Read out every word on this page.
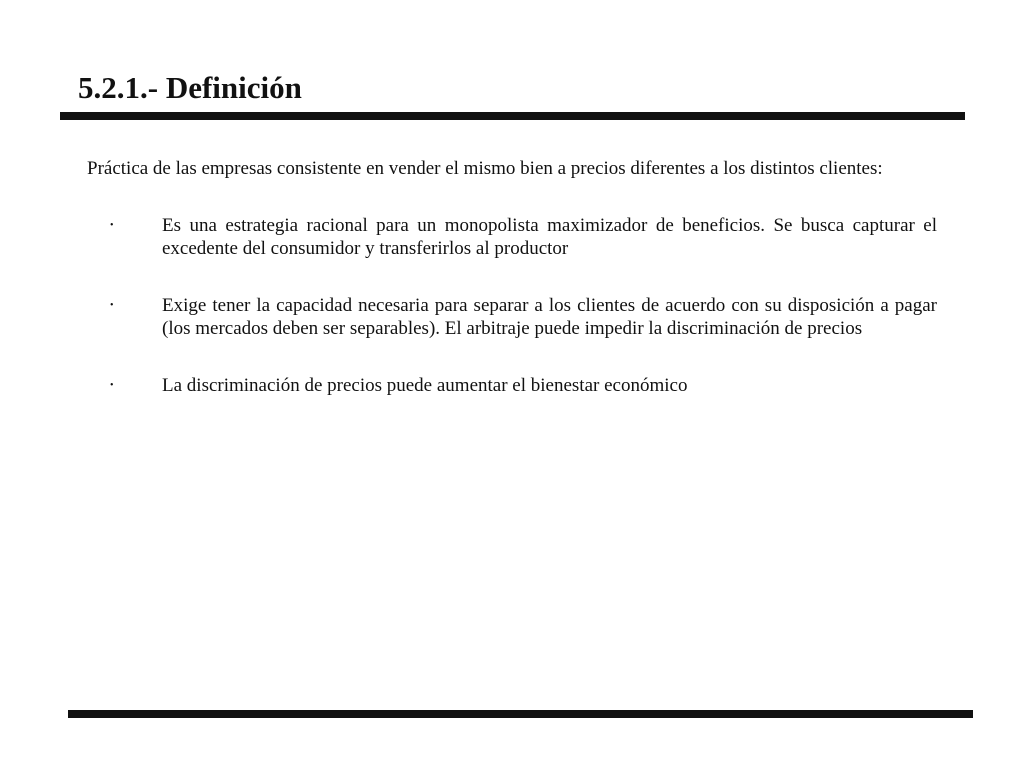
5.2.1.- Definición

Práctica de las empresas consistente en vender el mismo bien a precios diferentes a los distintos clientes:

•	Es una estrategia racional para un monopolista maximizador de beneficios. Se busca capturar el excedente del consumidor y transferirlos al productor
•	Exige tener la capacidad necesaria para separar a los clientes de acuerdo con su disposición a pagar (los mercados deben ser separables). El arbitraje puede impedir la discriminación de precios
•	La discriminación de precios puede aumentar el bienestar económico
